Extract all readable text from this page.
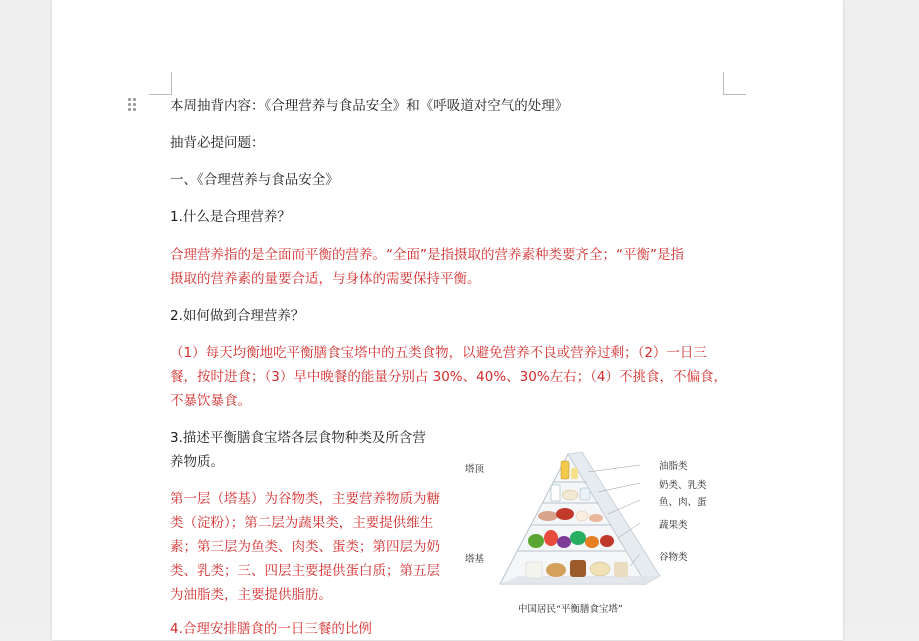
本周抽背内容：《合理营养与食品安全》和《呼吸道对空气的处理》
抽背必提问题：
一、《合理营养与食品安全》
1.什么是合理营养？
合理营养指的是全面而平衡的营养。“全面”是指摄取的营养素种类要齐全；“平衡”是指
摄取的营养素的量要合适，与身体的需要保持平衡。
2.如何做到合理营养？
（1）每天均衡地吃平衡膳食宝塔中的五类食物，以避免营养不良或营养过剩；（2）一日三
餐，按时进食；（3）早中晚餐的能量分别占 30%、40%、30%左右；（4）不挑食，不偏食，
不暴饮暴食。
3.描述平衡膳食宝塔各层食物种类及所含营
养物质。
第一层（塔基）为谷物类，主要营养物质为糖
类（淀粉）；第二层为蔬果类，主要提供维生
素；第三层为鱼类、肉类、蛋类；第四层为奶
类、乳类；三、四层主要提供蛋白质；第五层
为油脂类，主要提供脂肪。
4.合理安排膳食的一日三餐的比例
塔顶
塔基
油脂类
奶类、乳类
鱼、肉、蛋
蔬果类
谷物类
中国居民“平衡膳食宝塔”
